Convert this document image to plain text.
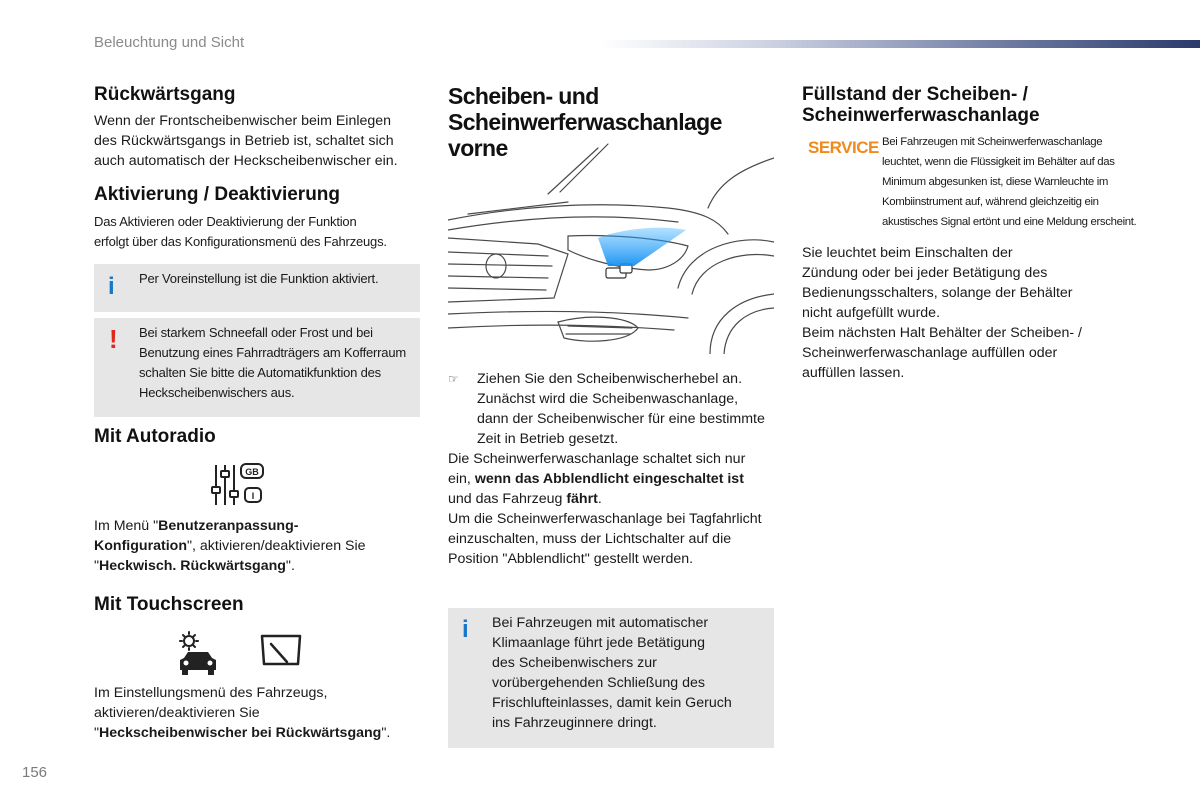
Beleuchtung und Sicht
Rückwärtsgang
Wenn der Frontscheibenwischer beim Einlegen
des Rückwärtsgangs in Betrieb ist, schaltet sich
auch automatisch der Heckscheibenwischer ein.
Aktivierung / Deaktivierung
Das Aktivieren oder Deaktivierung der Funktion
erfolgt über das Konfigurationsmenü des Fahrzeugs.
i Per Voreinstellung ist die Funktion aktiviert.
! Bei starkem Schneefall oder Frost und bei
Benutzung eines Fahrradträgers am Kofferraum
schalten Sie bitte die Automatikfunktion des
Heckscheibenwischers aus.
Mit Autoradio
GB
I
Im Menü "Benutzeranpassung-
Konfiguration", aktivieren/deaktivieren Sie
"Heckwisch. Rückwärtsgang".
Mit Touchscreen
Im Einstellungsmenü des Fahrzeugs,
aktivieren/deaktivieren Sie
"Heckscheibenwischer bei Rückwärtsgang".
156
Scheiben- und
Scheinwerferwaschanlage vorne
☞ Ziehen Sie den Scheibenwischerhebel an.
Zunächst wird die Scheibenwaschanlage,
dann der Scheibenwischer für eine bestimmte
Zeit in Betrieb gesetzt.
Die Scheinwerferwaschanlage schaltet sich nur
ein, wenn das Abblendlicht eingeschaltet ist
und das Fahrzeug fährt.
Um die Scheinwerferwaschanlage bei Tagfahrlicht
einzuschalten, muss der Lichtschalter auf die
Position "Abblendlicht" gestellt werden.
i Bei Fahrzeugen mit automatischer
Klimaanlage führt jede Betätigung
des Scheibenwischers zur
vorübergehenden Schließung des
Frischlufteinlasses, damit kein Geruch
ins Fahrzeuginnere dringt.
Füllstand der Scheiben- /
Scheinwerferwaschanlage
SERVICE Bei Fahrzeugen mit Scheinwerferwaschanlage
leuchtet, wenn die Flüssigkeit im Behälter auf das
Minimum abgesunken ist, diese Warnleuchte im
Kombiinstrument auf, während gleichzeitig ein
akustisches Signal ertönt und eine Meldung erscheint.
Sie leuchtet beim Einschalten der
Zündung oder bei jeder Betätigung des
Bedienungsschalters, solange der Behälter
nicht aufgefüllt wurde.
Beim nächsten Halt Behälter der Scheiben- /
Scheinwerferwaschanlage auffüllen oder
auffüllen lassen.
